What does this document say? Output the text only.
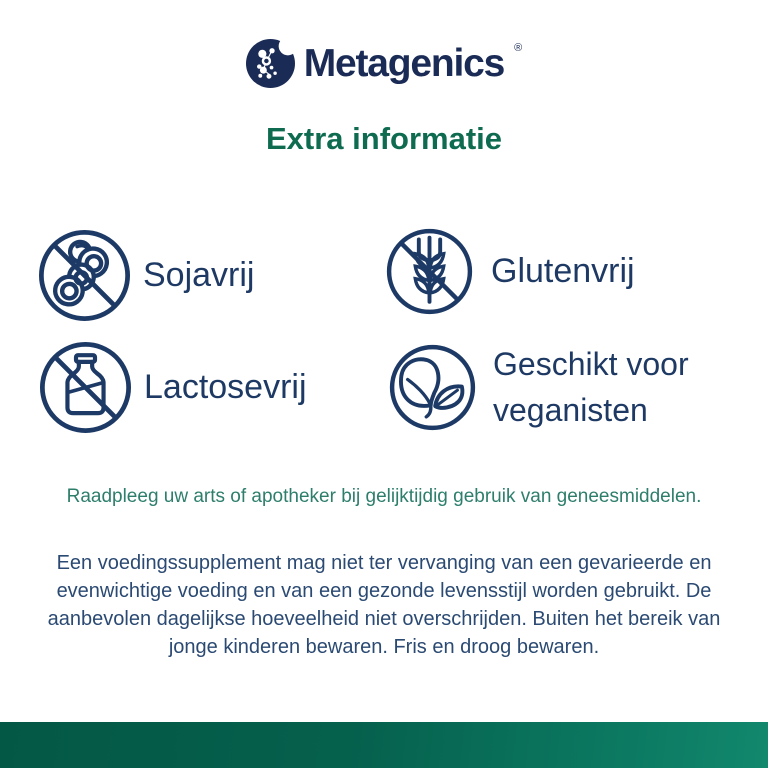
Metagenics ®
Extra informatie
Sojavrij	Glutenvrij
Lactosevrij
Geschikt voor veganisten
Raadpleeg uw arts of apotheker bij gelijktijdig gebruik van geneesmiddelen.
Een voedingssupplement mag niet ter vervanging van een gevarieerde en evenwichtige voeding en van een gezonde levensstijl worden gebruikt. De aanbevolen dagelijkse hoeveelheid niet overschrijden. Buiten het bereik van jonge kinderen bewaren. Fris en droog bewaren.
